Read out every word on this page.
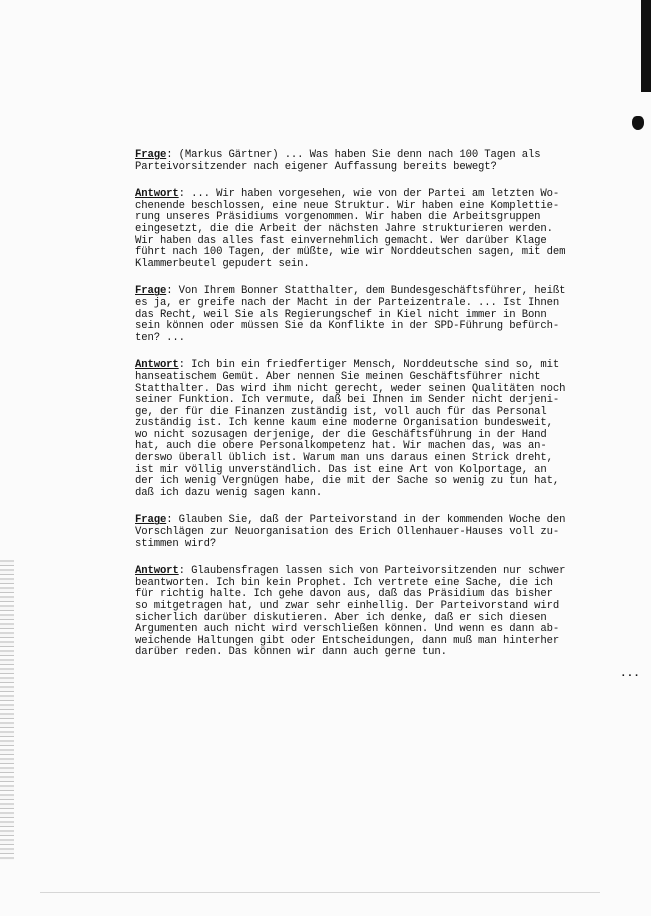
Frage: (Markus Gärtner) ... Was haben Sie denn nach 100 Tagen als
Parteivorsitzender nach eigener Auffassung bereits bewegt?
Antwort: ... Wir haben vorgesehen, wie von der Partei am letzten Wo-
chenende beschlossen, eine neue Struktur. Wir haben eine Komplettie-
rung unseres Präsidiums vorgenommen. Wir haben die Arbeitsgruppen
eingesetzt, die die Arbeit der nächsten Jahre strukturieren werden.
Wir haben das alles fast einvernehmlich gemacht. Wer darüber Klage
führt nach 100 Tagen, der müßte, wie wir Norddeutschen sagen, mit dem
Klammerbeutel gepudert sein.
Frage: Von Ihrem Bonner Statthalter, dem Bundesgeschäftsführer, heißt
es ja, er greife nach der Macht in der Parteizentrale. ... Ist Ihnen
das Recht, weil Sie als Regierungschef in Kiel nicht immer in Bonn
sein können oder müssen Sie da Konflikte in der SPD-Führung befürch-
ten? ...
Antwort: Ich bin ein friedfertiger Mensch, Norddeutsche sind so, mit
hanseatischem Gemüt. Aber nennen Sie meinen Geschäftsführer nicht
Statthalter. Das wird ihm nicht gerecht, weder seinen Qualitäten noch
seiner Funktion. Ich vermute, daß bei Ihnen im Sender nicht derjeni-
ge, der für die Finanzen zuständig ist, voll auch für das Personal
zuständig ist. Ich kenne kaum eine moderne Organisation bundesweit,
wo nicht sozusagen derjenige, der die Geschäftsführung in der Hand
hat, auch die obere Personalkompetenz hat. Wir machen das, was an-
derswo überall üblich ist. Warum man uns daraus einen Strick dreht,
ist mir völlig unverständlich. Das ist eine Art von Kolportage, an
der ich wenig Vergnügen habe, die mit der Sache so wenig zu tun hat,
daß ich dazu wenig sagen kann.
Frage: Glauben Sie, daß der Parteivorstand in der kommenden Woche den
Vorschlägen zur Neuorganisation des Erich Ollenhauer-Hauses voll zu-
stimmen wird?
Antwort: Glaubensfragen lassen sich von Parteivorsitzenden nur schwer
beantworten. Ich bin kein Prophet. Ich vertrete eine Sache, die ich
für richtig halte. Ich gehe davon aus, daß das Präsidium das bisher
so mitgetragen hat, und zwar sehr einhellig. Der Parteivorstand wird
sicherlich darüber diskutieren. Aber ich denke, daß er sich diesen
Argumenten auch nicht wird verschließen können. Und wenn es dann ab-
weichende Haltungen gibt oder Entscheidungen, dann muß man hinterher
darüber reden. Das können wir dann auch gerne tun.
...
